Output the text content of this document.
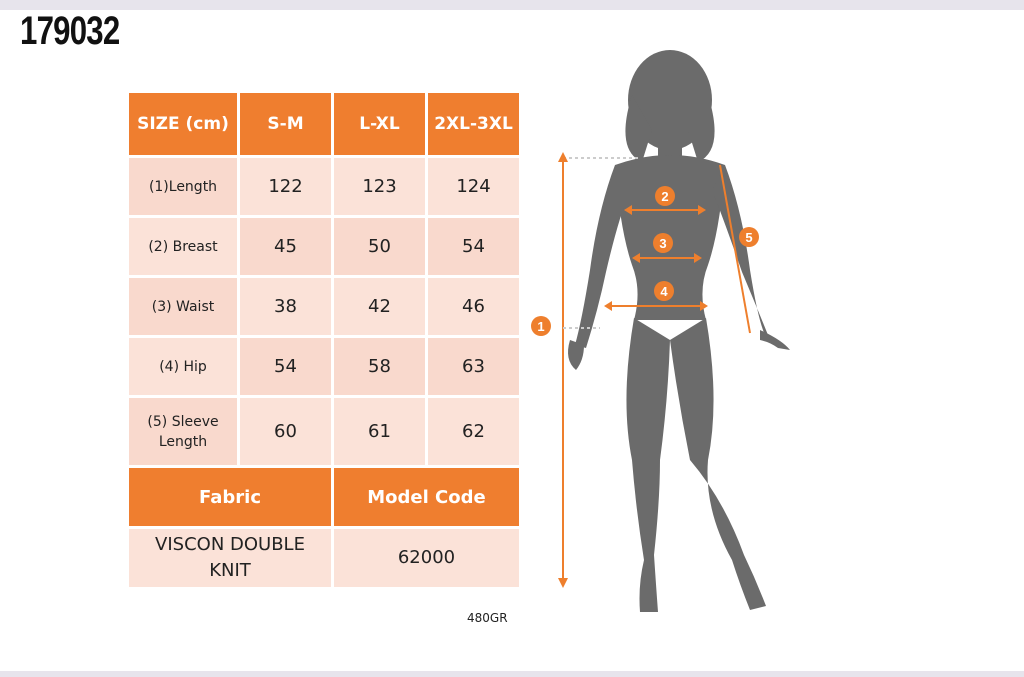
179032
SIZE (cm)	S-M	L-XL	2XL-3XL
(1)Length	122	123	124
(2) Breast	45	50	54
(3) Waist	38	42	46
(4) Hip	54	58	63
(5) Sleeve Length	60	61	62
Fabric		Model Code	
VISCON DOUBLE KNIT		62000	
480GR
1
2
3
4
5
